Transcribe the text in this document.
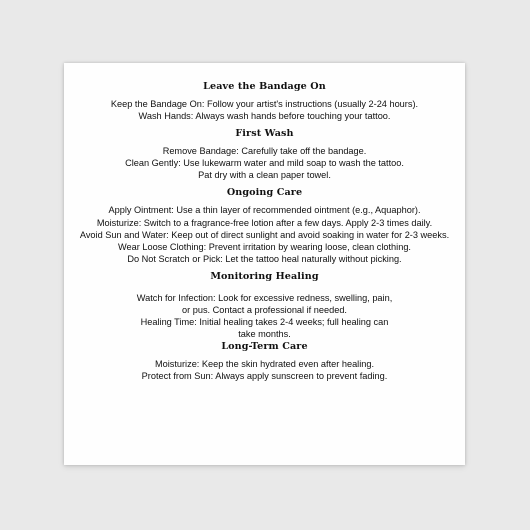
Leave the Bandage On
Keep the Bandage On: Follow your artist's instructions (usually 2-24 hours).
Wash Hands: Always wash hands before touching your tattoo.
First Wash
Remove Bandage: Carefully take off the bandage.
Clean Gently: Use lukewarm water and mild soap to wash the tattoo. Pat dry with a clean paper towel.
Ongoing Care
Apply Ointment: Use a thin layer of recommended ointment (e.g., Aquaphor).
Moisturize: Switch to a fragrance-free lotion after a few days. Apply 2-3 times daily.
Avoid Sun and Water: Keep out of direct sunlight and avoid soaking in water for 2-3 weeks.
Wear Loose Clothing: Prevent irritation by wearing loose, clean clothing.
Do Not Scratch or Pick: Let the tattoo heal naturally without picking.
Monitoring Healing
Watch for Infection: Look for excessive redness, swelling, pain, or pus. Contact a professional if needed.
Healing Time: Initial healing takes 2-4 weeks; full healing can take months.
Long-Term Care
Moisturize: Keep the skin hydrated even after healing.
Protect from Sun: Always apply sunscreen to prevent fading.
